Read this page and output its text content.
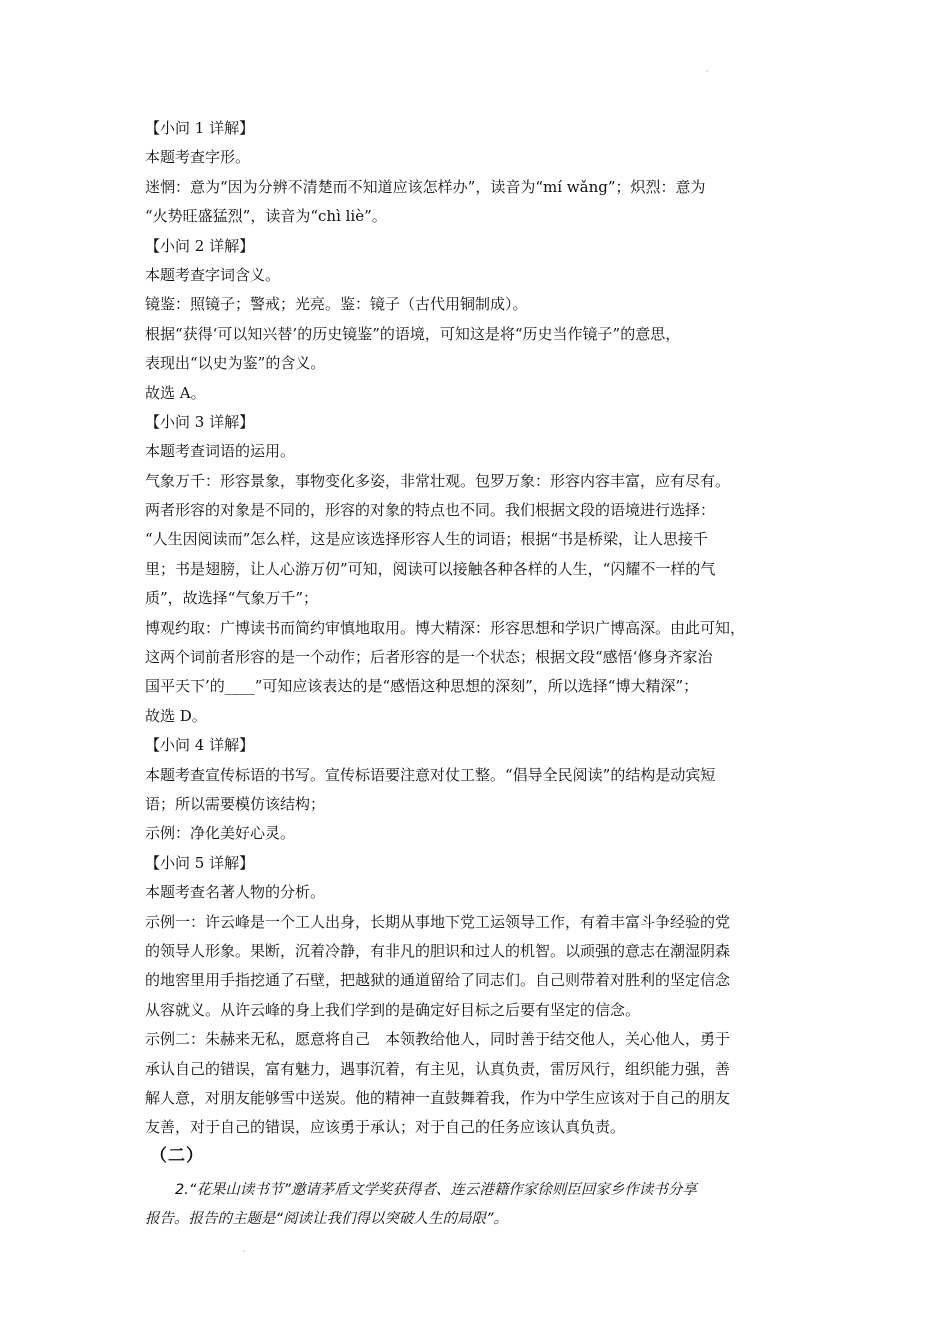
【小问 1 详解】
本题考查字形。
迷惘：意为“因为分辨不清楚而不知道应该怎样办”，读音为“mí wǎng”；炽烈：意为
“火势旺盛猛烈”，读音为“chì liè”。
【小问 2 详解】
本题考查字词含义。
镜鉴：照镜子；警戒；光亮。鉴：镜子（古代用铜制成）。
根据“获得‘可以知兴替’的历史镜鉴”的语境，可知这是将“历史当作镜子”的意思，
表现出“以史为鉴”的含义。
故选 A。
【小问 3 详解】
本题考查词语的运用。
气象万千：形容景象，事物变化多姿，非常壮观。包罗万象：形容内容丰富，应有尽有。
两者形容的对象是不同的，形容的对象的特点也不同。我们根据文段的语境进行选择：
“人生因阅读而”怎么样，这是应该选择形容人生的词语；根据“书是桥梁，让人思接千
里；书是翅膀，让人心游万仞”可知，阅读可以接触各种各样的人生，“闪耀不一样的气
质”，故选择“气象万千”；
博观约取：广博读书而简约审慎地取用。博大精深：形容思想和学识广博高深。由此可知，
这两个词前者形容的是一个动作；后者形容的是一个状态；根据文段“感悟‘修身齐家治
国平天下’的____”可知应该表达的是“感悟这种思想的深刻”，所以选择“博大精深”；
故选 D。
【小问 4 详解】
本题考查宣传标语的书写。宣传标语要注意对仗工整。“倡导全民阅读”的结构是动宾短
语；所以需要模仿该结构；
示例：净化美好心灵。
【小问 5 详解】
本题考查名著人物的分析。
示例一：许云峰是一个工人出身，长期从事地下党工运领导工作，有着丰富斗争经验的党
的领导人形象。果断，沉着冷静，有非凡的胆识和过人的机智。以顽强的意志在潮湿阴森
的地窖里用手指挖通了石壁，把越狱的通道留给了同志们。自己则带着对胜利的坚定信念
从容就义。从许云峰的身上我们学到的是确定好目标之后要有坚定的信念。
示例二：朱赫来无私，愿意将自己　本领教给他人，同时善于结交他人，关心他人，勇于
承认自己的错误，富有魅力，遇事沉着，有主见，认真负责，雷厉风行，组织能力强，善
解人意，对朋友能够雪中送炭。他的精神一直鼓舞着我，作为中学生应该对于自己的朋友
友善，对于自己的错误，应该勇于承认；对于自己的任务应该认真负责。
（二）
2.“花果山读书节”邀请茅盾文学奖获得者、连云港籍作家徐则臣回家乡作读书分享
报告。报告的主题是“阅读让我们得以突破人生的局限”。
